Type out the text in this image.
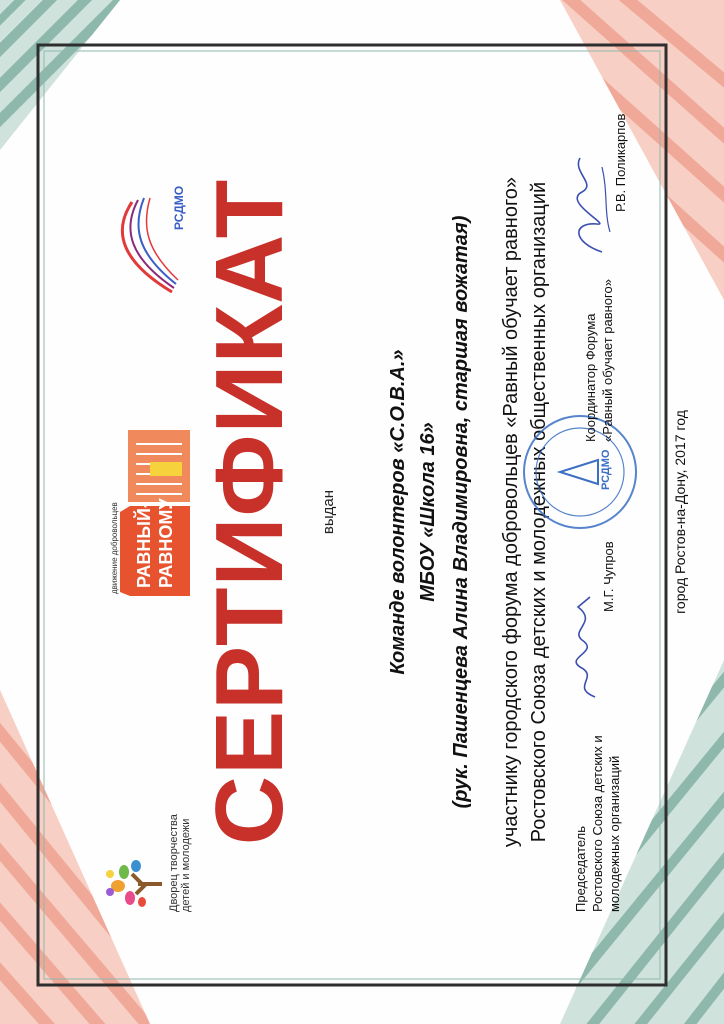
Дворец творчества детей и молодежи
движение добровольцев РАВНЫЙ- РАВНОМУ
РСДМО СЕРТИФИКАТ выдан	Команде волонтеров «С.О.В.А.» МБОУ «Школа 16» (рук. Пашенцева Алина Владимировна, старшая вожатая) участнику городского форума добровольцев «Равный обучает равного» Ростовского Союза детских и молодежных общественных организаций
Председатель Ростовского Союза детских и молодежных организаций
М.Г. Чупров
РСДМО
Координатор Форума «Равный обучает равного»
Р.В. Поликарпов
город Ростов-на-Дону, 2017 год
